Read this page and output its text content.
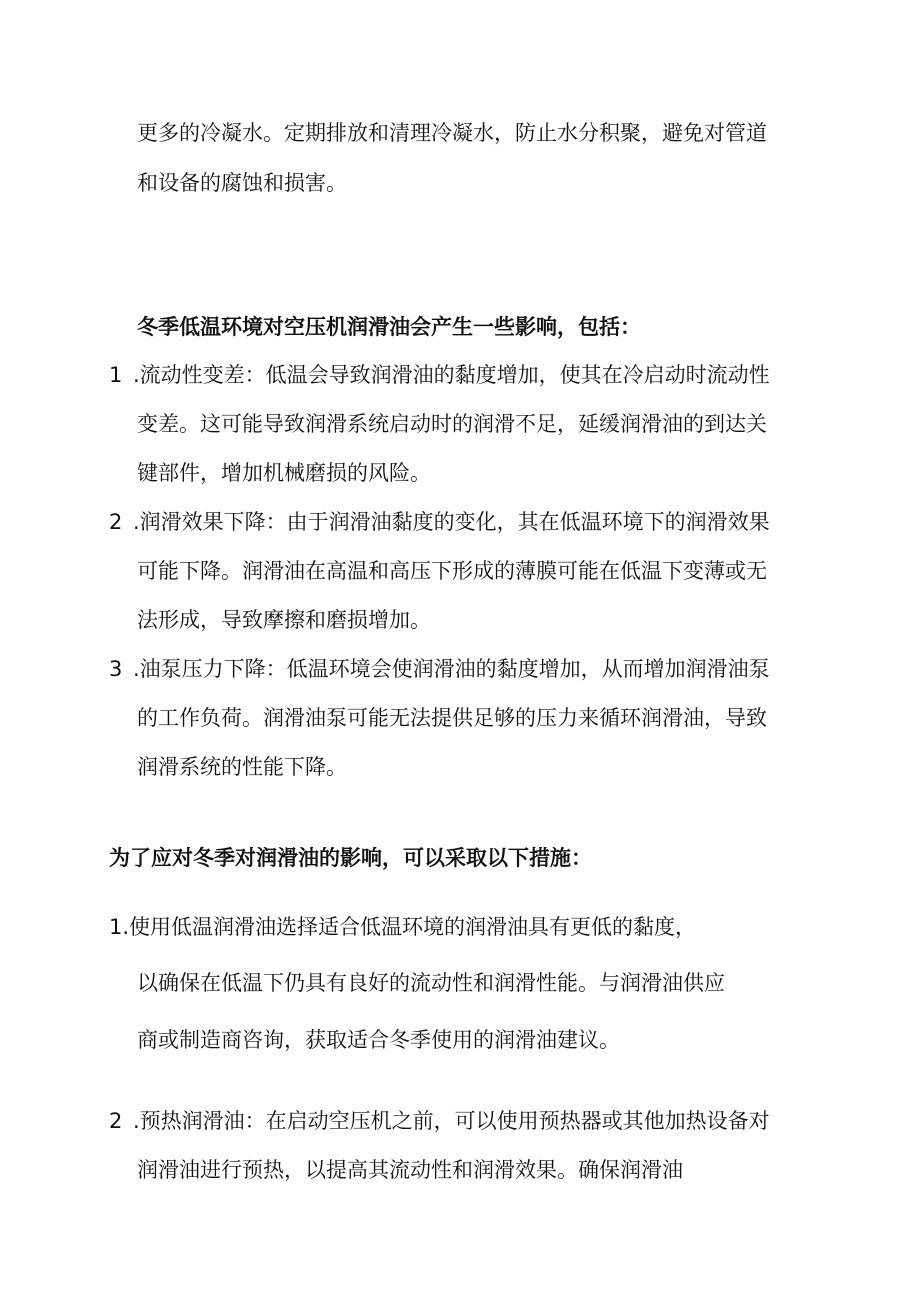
更多的冷凝水。定期排放和清理冷凝水，防止水分积聚，避免对管道
和设备的腐蚀和损害。
冬季低温环境对空压机润滑油会产生一些影响，包括：
1 .流动性变差：低温会导致润滑油的黏度增加，使其在冷启动时流动性
变差。这可能导致润滑系统启动时的润滑不足，延缓润滑油的到达关
键部件，增加机械磨损的风险。
2 .润滑效果下降：由于润滑油黏度的变化，其在低温环境下的润滑效果
可能下降。润滑油在高温和高压下形成的薄膜可能在低温下变薄或无
法形成，导致摩擦和磨损增加。
3 .油泵压力下降：低温环境会使润滑油的黏度增加，从而增加润滑油泵
的工作负荷。润滑油泵可能无法提供足够的压力来循环润滑油，导致
润滑系统的性能下降。
为了应对冬季对润滑油的影响，可以采取以下措施：
1.使用低温润滑油选择适合低温环境的润滑油具有更低的黏度，
以确保在低温下仍具有良好的流动性和润滑性能。与润滑油供应
商或制造商咨询，获取适合冬季使用的润滑油建议。
2 .预热润滑油：在启动空压机之前，可以使用预热器或其他加热设备对
润滑油进行预热，以提高其流动性和润滑效果。确保润滑油
